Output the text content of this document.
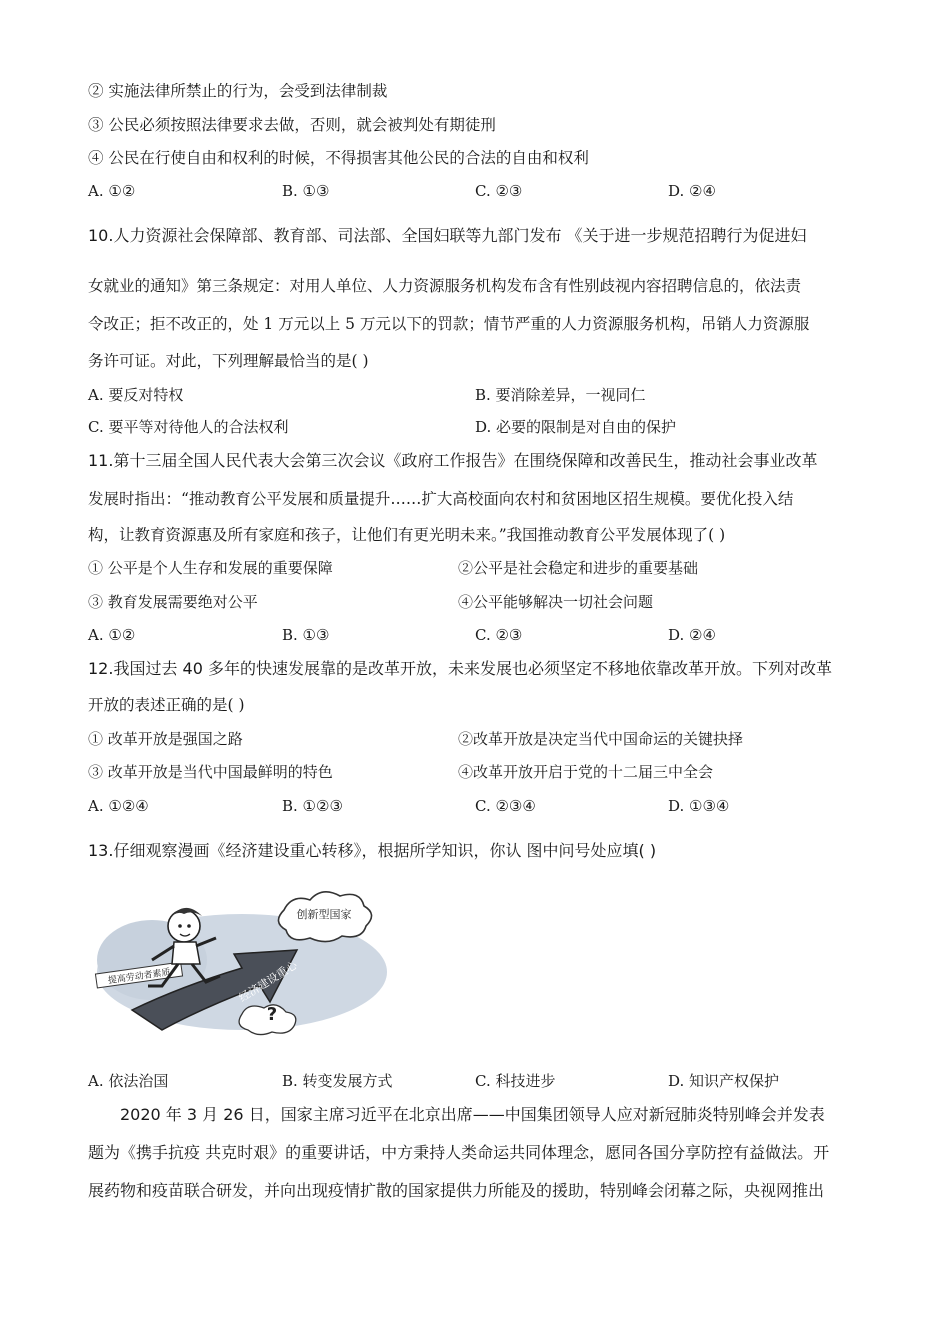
② 实施法律所禁止的行为，会受到法律制裁
③ 公民必须按照法律要求去做，否则，就会被判处有期徒刑
④ 公民在行使自由和权利的时候，不得损害其他公民的合法的自由和权利
A. ①②	B. ①③	C. ②③	D. ②④
10.人力资源社会保障部、教育部、司法部、全国妇联等九部门发布 《关于进一步规范招聘行为促进妇
女就业的通知》第三条规定：对用人单位、人力资源服务机构发布含有性别歧视内容招聘信息的，依法责
令改正；拒不改正的，处 1 万元以上 5 万元以下的罚款；情节严重的人力资源服务机构，吊销人力资源服
务许可证。对此，下列理解最恰当的是( )
A. 要反对特权	B. 要消除差异，一视同仁
C. 要平等对待他人的合法权利	D. 必要的限制是对自由的保护
11.第十三届全国人民代表大会第三次会议《政府工作报告》在围绕保障和改善民生，推动社会事业改革
发展时指出：“推动教育公平发展和质量提升……扩大高校面向农村和贫困地区招生规模。要优化投入结
构，让教育资源惠及所有家庭和孩子，让他们有更光明未来。”我国推动教育公平发展体现了( )
① 公平是个人生存和发展的重要保障	②公平是社会稳定和进步的重要基础
③ 教育发展需要绝对公平	④公平能够解决一切社会问题
A. ①②	B. ①③	C. ②③	D. ②④
12.我国过去 40 多年的快速发展靠的是改革开放，未来发展也必须坚定不移地依靠改革开放。下列对改革
开放的表述正确的是( )
① 改革开放是强国之路	②改革开放是决定当代中国命运的关键抉择
③ 改革开放是当代中国最鲜明的特色	④改革开放开启于党的十二届三中全会
A. ①②④	B. ①②③	C. ②③④	D. ①③④
13.仔细观察漫画《经济建设重心转移》，根据所学知识，你认 图中问号处应填( )
创新型国家
经济建设重心
提高劳动者素质
?
A. 依法治国	B. 转变发展方式	C. 科技进步	D. 知识产权保护
2020 年 3 月 26 日，国家主席习近平在北京出席——中国集团领导人应对新冠肺炎特别峰会并发表
题为《携手抗疫 共克时艰》的重要讲话，中方秉持人类命运共同体理念，愿同各国分享防控有益做法。开
展药物和疫苗联合研发，并向出现疫情扩散的国家提供力所能及的援助，特别峰会闭幕之际，央视网推出
